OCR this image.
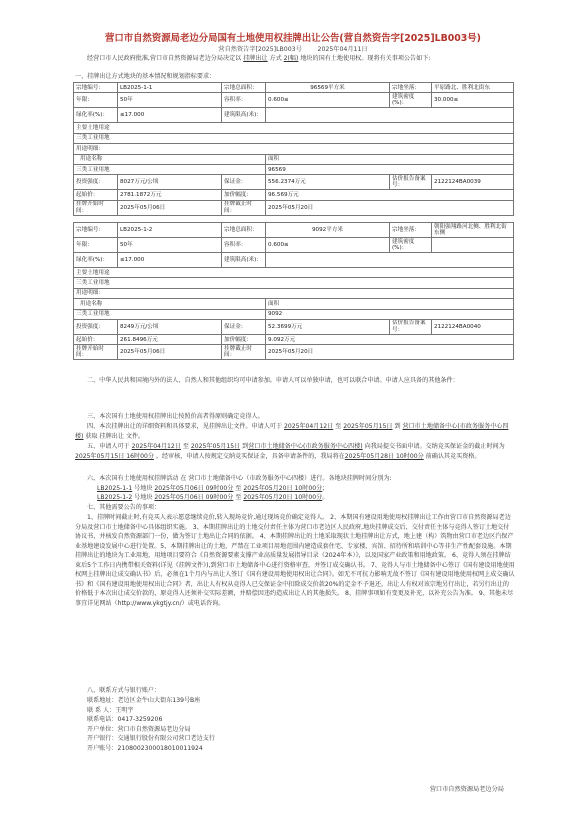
营口市自然资源局老边分局国有土地使用权挂牌出让公告(营自然资告字[2025]LB003号)
营自然资告字[2025]LB003号	2025年04月11日
经营口市人民政府批准,营口市自然资源局老边分局决定以 挂牌出让 方式 2(幅) 地块的国有土地使用权。现将有关事项公告如下:
一、挂牌出让方式地块的基本情况和规划指标要求：
宗地编号：	LB2025-1-1	宗地总面积：	96569平方米	宗地坐落：	平原路北、胜利北街东
年限：	50年	容积率：	0.600≤	建筑密度(%)：	30.000≤
绿化率(%)：	≤17.000	建筑限高(米)：			
主要土地用途					
三类工业用地					
用途明细：					
用途名称			面积		
三类工业用地			96569		
投资强度：	8027万元/公顷	保证金：	556.2374万元	估价报告备案号：	2122124BA0039
起始价：	2781.1872万元	加价幅度：	96.569万元		
挂牌开始时间：	2025年05月06日	挂牌截止时间：	2025年05月20日		
宗地编号：	LB2025-1-2	宗地总面积：	9092平方米	宗地坐落：	朝阳强翔路河北侧、胜利北街东侧
年限：	50年	容积率：	0.600≤	建筑密度(%)：	
绿化率(%)：	≤17.000	建筑限高(米)：			
主要土地用途					
三类工业用地					
用途明细：					
用途名称			面积		
三类工业用地			9092		
投资强度：	8249万元/公顷	保证金：	52.3699万元	估价报告备案号：	2122124BA0040
起始价：	261.8496万元	加价幅度：	9.092万元		
挂牌开始时间：	2025年05月06日	挂牌截止时间：	2025年05月20日		
二、中华人民共和国境内外的法人、自然人和其他组织均可申请参加。申请人可以单独申请，也可以联合申请。申请人应具备的其他条件：
三、本次国有土地使用权挂牌出让按照价高者得原则确定竞得人。
四、本次挂牌出让的详细资料和具体要求，见挂牌出让文件。申请人可于 2025年04月12日 至 2025年05月15日 到 营口市土地储备中心(市政务服务中心四楼) 获取 挂牌出让 文件。
五、申请人可于 2025年04月12日 至 2025年05月15日 到营口市土地储备中心(市政务服务中心四楼) 向我局提交书面申请。交纳竞买保证金的截止时间为2025年05月15日 16时00分 。经审核，申请人按规定交纳竞买保证金，具备申请条件的，我局将在2025年05月28日 10时00分 前确认其竞买资格。
六、本次国有土地使用权挂牌活动 在 营口市土地储备中心（市政务服务中心四楼）进行。各地块挂牌时间分别为:
LB2025-1-1 号地块 2025年05月06日 09时00分 至 2025年05月20日 10时00分；
LB2025-1-2 号地块 2025年05月06日 09时00分 至 2025年05月20日 10时00分。
七、其他需要公告的事项：
1、挂牌时间截止时,有竞买人表示愿意继续竞价,转入现场竞价,通过现场竞价确定竞得人。 2、本期国有建设用地使用权挂牌出让工作由营口市自然资源局老边分局及营口市土地储备中心具体组织实施。 3、本期挂牌出让的土地交付责任主体为营口市老边区人民政府,地块挂牌成交后，交付责任主体与竞得人签订土地交付协议书，并核发自然资源部门一份，做为签订土地出让合同的依据。 4、本期挂牌出让的土地采取现状土地挂牌出让方式，地上建（构）筑物由营口市老边区汽保产业基地建设发展中心进行处置。5、本期挂牌出让的土地，严禁在工业项目用地范围内建造成套住宅、专家楼、宾馆、招待所和培训中心等非生产性配套设施。本期挂牌出让的地块为工业用地，用地项目要符合《自然资源要素支撑产业高质量发展指导目录（2024年本）》，以及国家产业政策和用地政策。 6、竞得人须在挂牌结束后5个工作日内携带相关资料(详见《挂牌文件》),到营口市土地储备中心进行资格审查，并签订成交确认书。 7、竞得人与市土地储备中心签订《国有建设用地使用权网上挂牌出让成交确认书》后，必须在1个月内与出让人签订《国有建设用地使用权出让合同》。如无不可抗力影响无故不签订《国有建设用地使用权网上成交确认书》和《国有建设用地使用权出让合同》者，出让人有权从竞得人已交保证金中扣除成交价款20%的定金不予退还，出让人有权对该宗地另行出让，若另行出让的价格低于本次出让成交价款的，原竞得人还须补交实际差额，并赔偿因违约造成出让人的其他损失。 8、挂牌事项如有变更及补充，以补充公告为准。 9、其他未尽事宜详见网站（http://www.ykgtjy.cn/）或电话咨询。
八、联系方式与银行账户：
联系地址：老边区金牛山大街东139号B座
联 系 人：王明宇
联系电话：0417-3259206
开户单位：营口市自然资源局老边分局
开户银行：交通银行股份有限公司营口老边支行
开户账号：210800230001801001​1924
营口市自然资源局老边分局
